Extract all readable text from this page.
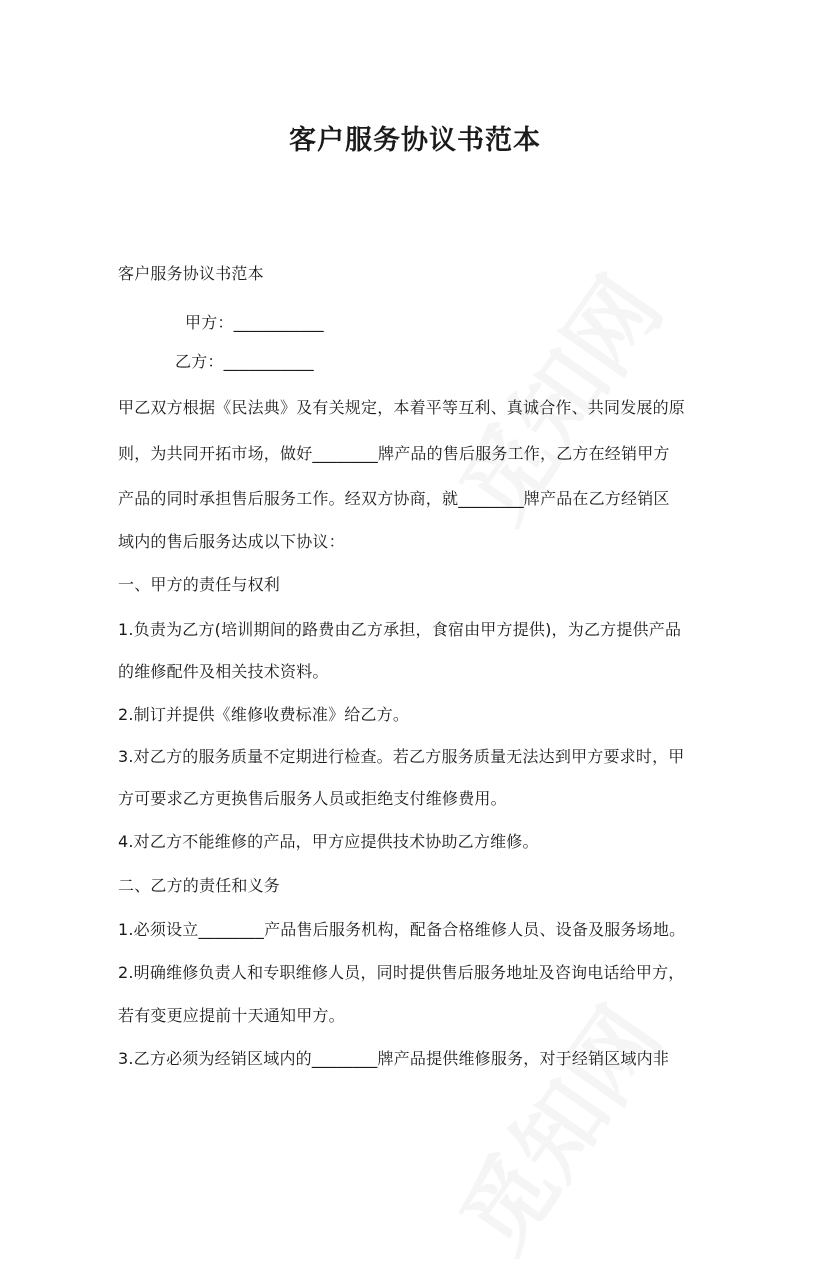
客户服务协议书范本
客户服务协议书范本
甲方：___________
乙方：___________
甲乙双方根据《民法典》及有关规定，本着平等互利、真诚合作、共同发展的原
则，为共同开拓市场，做好________牌产品的售后服务工作，乙方在经销甲方
产品的同时承担售后服务工作。经双方协商，就________牌产品在乙方经销区
域内的售后服务达成以下协议：
一、甲方的责任与权利
1.负责为乙方(培训期间的路费由乙方承担，食宿由甲方提供)，为乙方提供产品
的维修配件及相关技术资料。
2.制订并提供《维修收费标准》给乙方。
3.对乙方的服务质量不定期进行检查。若乙方服务质量无法达到甲方要求时，甲
方可要求乙方更换售后服务人员或拒绝支付维修费用。
4.对乙方不能维修的产品，甲方应提供技术协助乙方维修。
二、乙方的责任和义务
1.必须设立________产品售后服务机构，配备合格维修人员、设备及服务场地。
2.明确维修负责人和专职维修人员，同时提供售后服务地址及咨询电话给甲方，
若有变更应提前十天通知甲方。
3.乙方必须为经销区域内的________牌产品提供维修服务，对于经销区域内非
